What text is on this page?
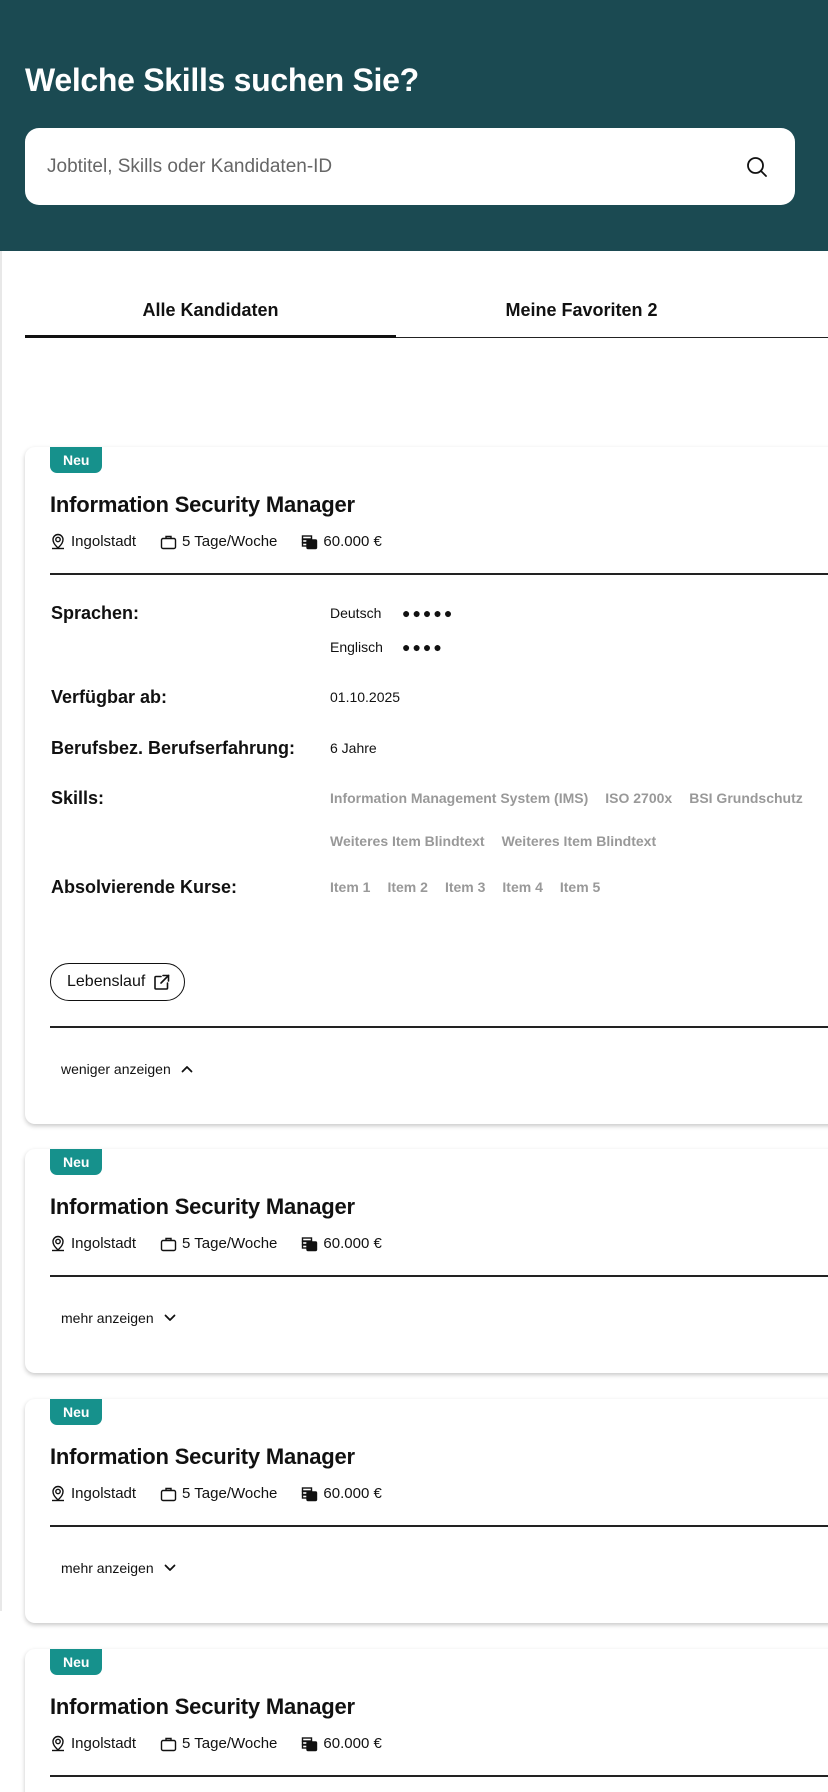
Welche Skills suchen Sie?
Jobtitel, Skills oder Kandidaten-ID
Alle Kandidaten	Meine Favoriten 2
Neu
Information Security Manager
Ingolstadt	5 Tage/Woche	60.000 €
Sprachen:	Deutsch	●●●●●
Englisch ●●●●
Verfügbar ab:	01.10.2025
Berufsbez. Berufserfahrung: 6 Jahre
Skills:	Information Management System (IMS) ISO 2700x BSI Grundschutz
Weiteres Item Blindtext Weiteres Item Blindtext
Absolvierende Kurse:	Item 1 Item 2 Item 3 Item 4 Item 5
Lebenslauf
weniger anzeigen
Neu
Information Security Manager
Ingolstadt	5 Tage/Woche	60.000 €
mehr anzeigen
Neu
Information Security Manager
Ingolstadt	5 Tage/Woche	60.000 €
mehr anzeigen
Neu
Information Security Manager
Ingolstadt	5 Tage/Woche	60.000 €
